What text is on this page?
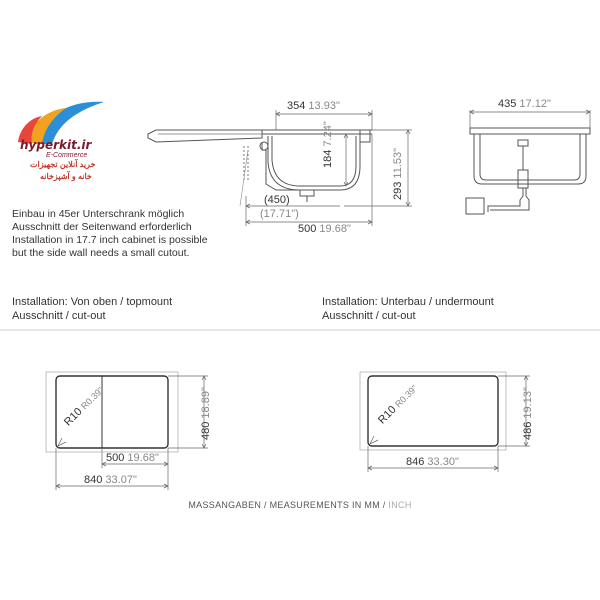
hyperkit.ir
E-Commerce
خرید آنلاین تجهیزات
خانه و آشپزخانه
354 13.93"
184 7.24"
293 11.53"
(450)
(17.71")
500 19.68"
435 17.12"
Einbau in 45er Unterschrank möglich
Ausschnitt der Seitenwand erforderlich
Installation in 17.7 inch cabinet is possible
but the side wall needs a small cutout.
Installation: Von oben / topmount
Ausschnitt / cut-out
Installation: Unterbau / undermount
Ausschnitt / cut-out
R10 R0.39"
480 18.89"
500 19.68"
840 33.07"
R10 R0.39"
486 19.13"
846 33.30"
MASSANGABEN / MEASUREMENTS IN MM / INCH
